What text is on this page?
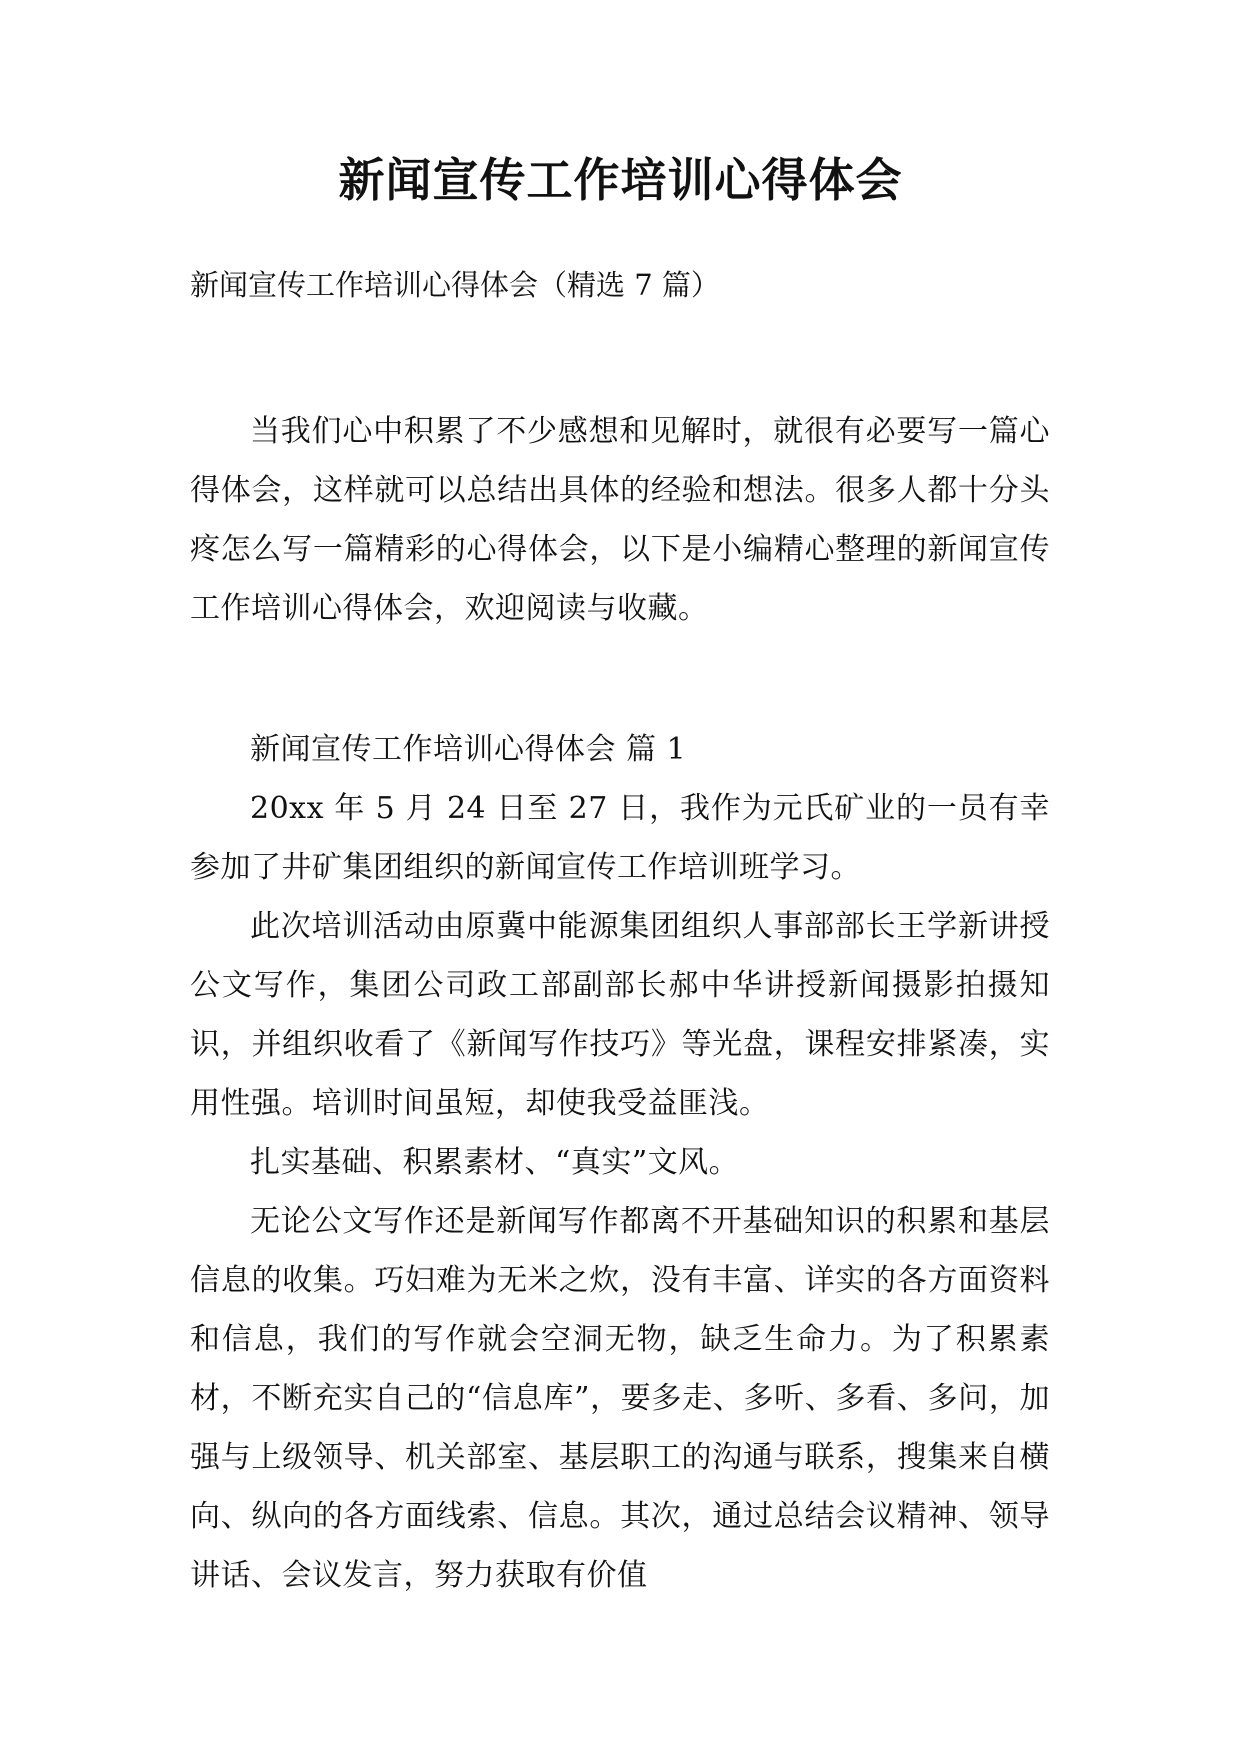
新闻宣传工作培训心得体会
新闻宣传工作培训心得体会（精选 7 篇）

当我们心中积累了不少感想和见解时，就很有必要写一篇心得体会，这样就可以总结出具体的经验和想法。很多人都十分头疼怎么写一篇精彩的心得体会，以下是小编精心整理的新闻宣传工作培训心得体会，欢迎阅读与收藏。

新闻宣传工作培训心得体会 篇 1

20xx 年 5 月 24 日至 27 日，我作为元氏矿业的一员有幸参加了井矿集团组织的新闻宣传工作培训班学习。

此次培训活动由原冀中能源集团组织人事部部长王学新讲授公文写作，集团公司政工部副部长郝中华讲授新闻摄影拍摄知识，并组织收看了《新闻写作技巧》等光盘，课程安排紧凑，实用性强。培训时间虽短，却使我受益匪浅。

扎实基础、积累素材、“真实”文风。

无论公文写作还是新闻写作都离不开基础知识的积累和基层信息的收集。巧妇难为无米之炊，没有丰富、详实的各方面资料和信息，我们的写作就会空洞无物，缺乏生命力。为了积累素材，不断充实自己的“信息库”，要多走、多听、多看、多问，加强与上级领导、机关部室、基层职工的沟通与联系，搜集来自横向、纵向的各方面线索、信息。其次，通过总结会议精神、领导讲话、会议发言，努力获取有价值
